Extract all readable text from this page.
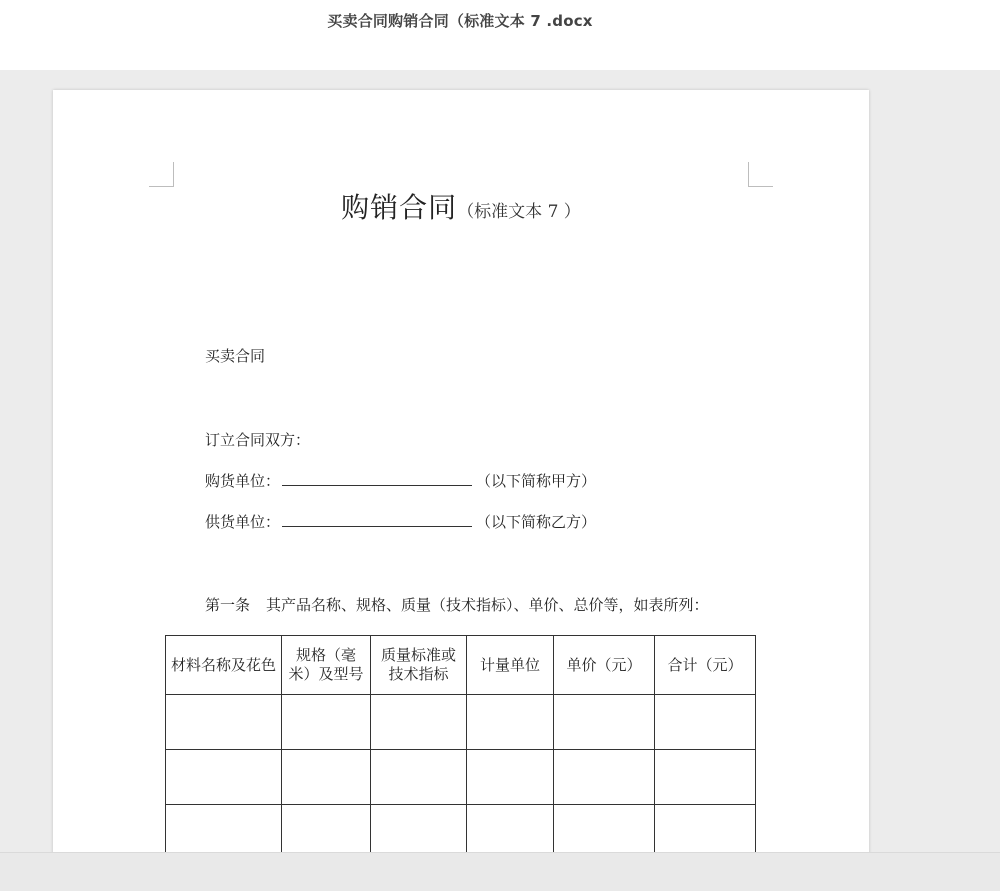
买卖合同购销合同（标准文本 7 .docx
购销合同（标准文本 7 ）
买卖合同
订立合同双方：
购货单位：	（以下简称甲方）
供货单位：	（以下简称乙方）
第一条 其产品名称、规格、质量（技术指标）、单价、总价等，如表所列：
材料名称及花色	规格（毫米）及型号	质量标准或技术指标	计量单位	单价（元）	合计（元）
